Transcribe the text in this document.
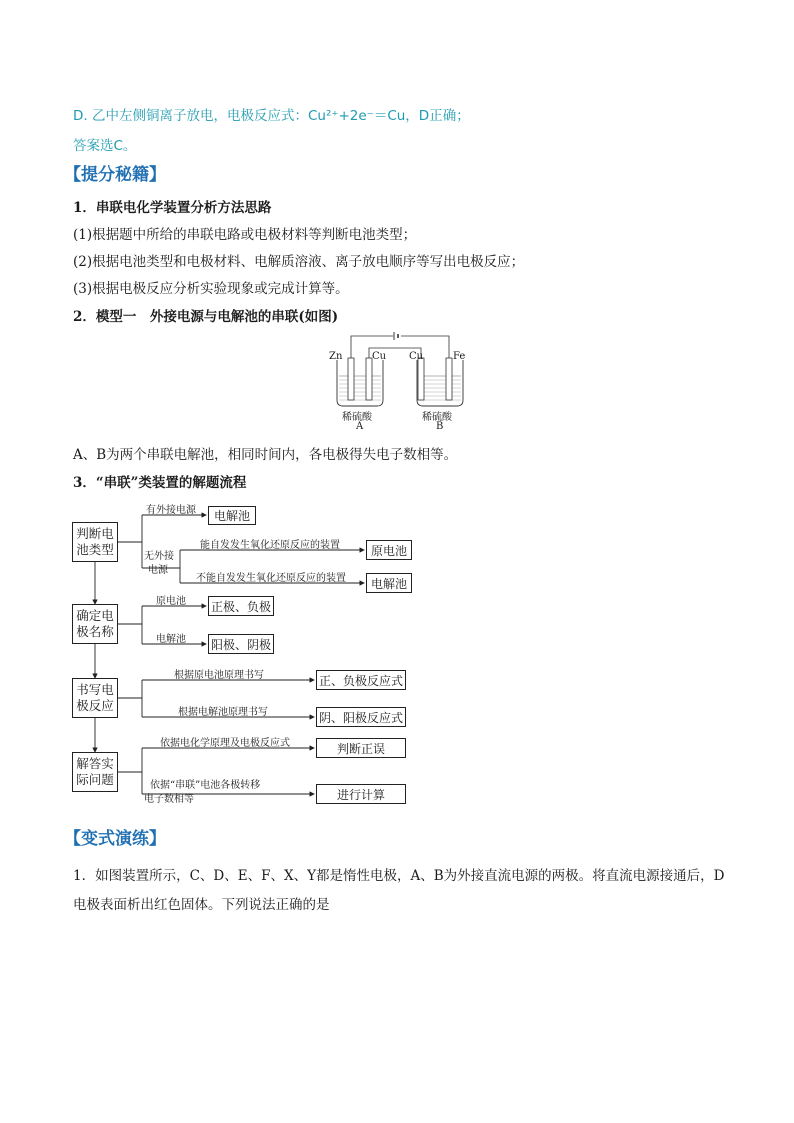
D. 乙中左侧铜离子放电，电极反应式：Cu²⁺+2e⁻＝Cu，D正确；
答案选C。
【提分秘籍】
1．串联电化学装置分析方法思路
(1)根据题中所给的串联电路或电极材料等判断电池类型；
(2)根据电池类型和电极材料、电解质溶液、离子放电顺序等写出电极反应；
(3)根据电极反应分析实验现象或完成计算等。
2．模型一　外接电源与电解池的串联(如图)
Zn	Cu Cu	Fe
稀硫酸
A
稀硫酸
B
A、B为两个串联电解池，相同时间内，各电极得失电子数相等。
3．“串联”类装置的解题流程
判断电
池类型
确定电
极名称
书写电
极反应
解答实
际问题
有外接电源	电解池
无外接
电源
能自发发生氧化还原反应的装置	原电池
不能自发发生氧化还原反应的装置	电解池
原电池 正极、负极
电解池 阳极、阴极
根据原电池原理书写	正、负极反应式
根据电解池原理书写	阴、阳极反应式
依据电化学原理及电极反应式	判断正误
依据“串联”电池各极转移
电子数相等	进行计算
【变式演练】
1．如图装置所示，C、D、E、F、X、Y都是惰性电极，A、B为外接直流电源的两极。将直流电源接通后，D
电极表面析出红色固体。下列说法正确的是
